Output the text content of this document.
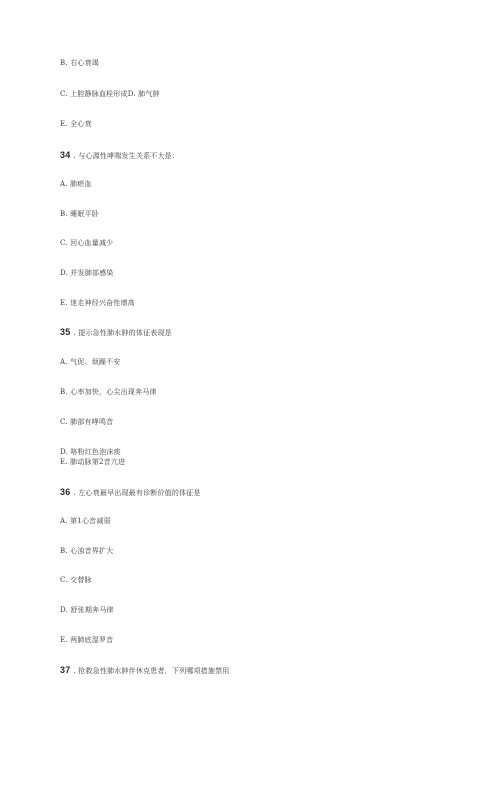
B. 右心衰竭
C. 上腔静脉血栓形成D. 肺气肿
E. 全心衰
34 . 与心源性哮喘发生关系不大是：
A. 肺瘀血
B. 睡眠平卧
C. 回心血量减少
D. 并发肺部感染
E. 迷走神经兴奋性增高
35 . 提示急性肺水肿的体征表现是
A. 气促、烦躁不安
B. 心率加快，心尖出现奔马律
C. 肺部有哮鸣音
D. 咯粉红色泡沫痰
E. 肺动脉第2音亢进
36 . 左心衰最早出现最有诊断价值的体征是
A. 第1心音减弱
B. 心浊音界扩大
C. 交替脉
D. 舒张期奔马律
E. 两肺底湿罗音
37 . 抢救急性肺水肿伴休克患者，下列哪项措施禁用
